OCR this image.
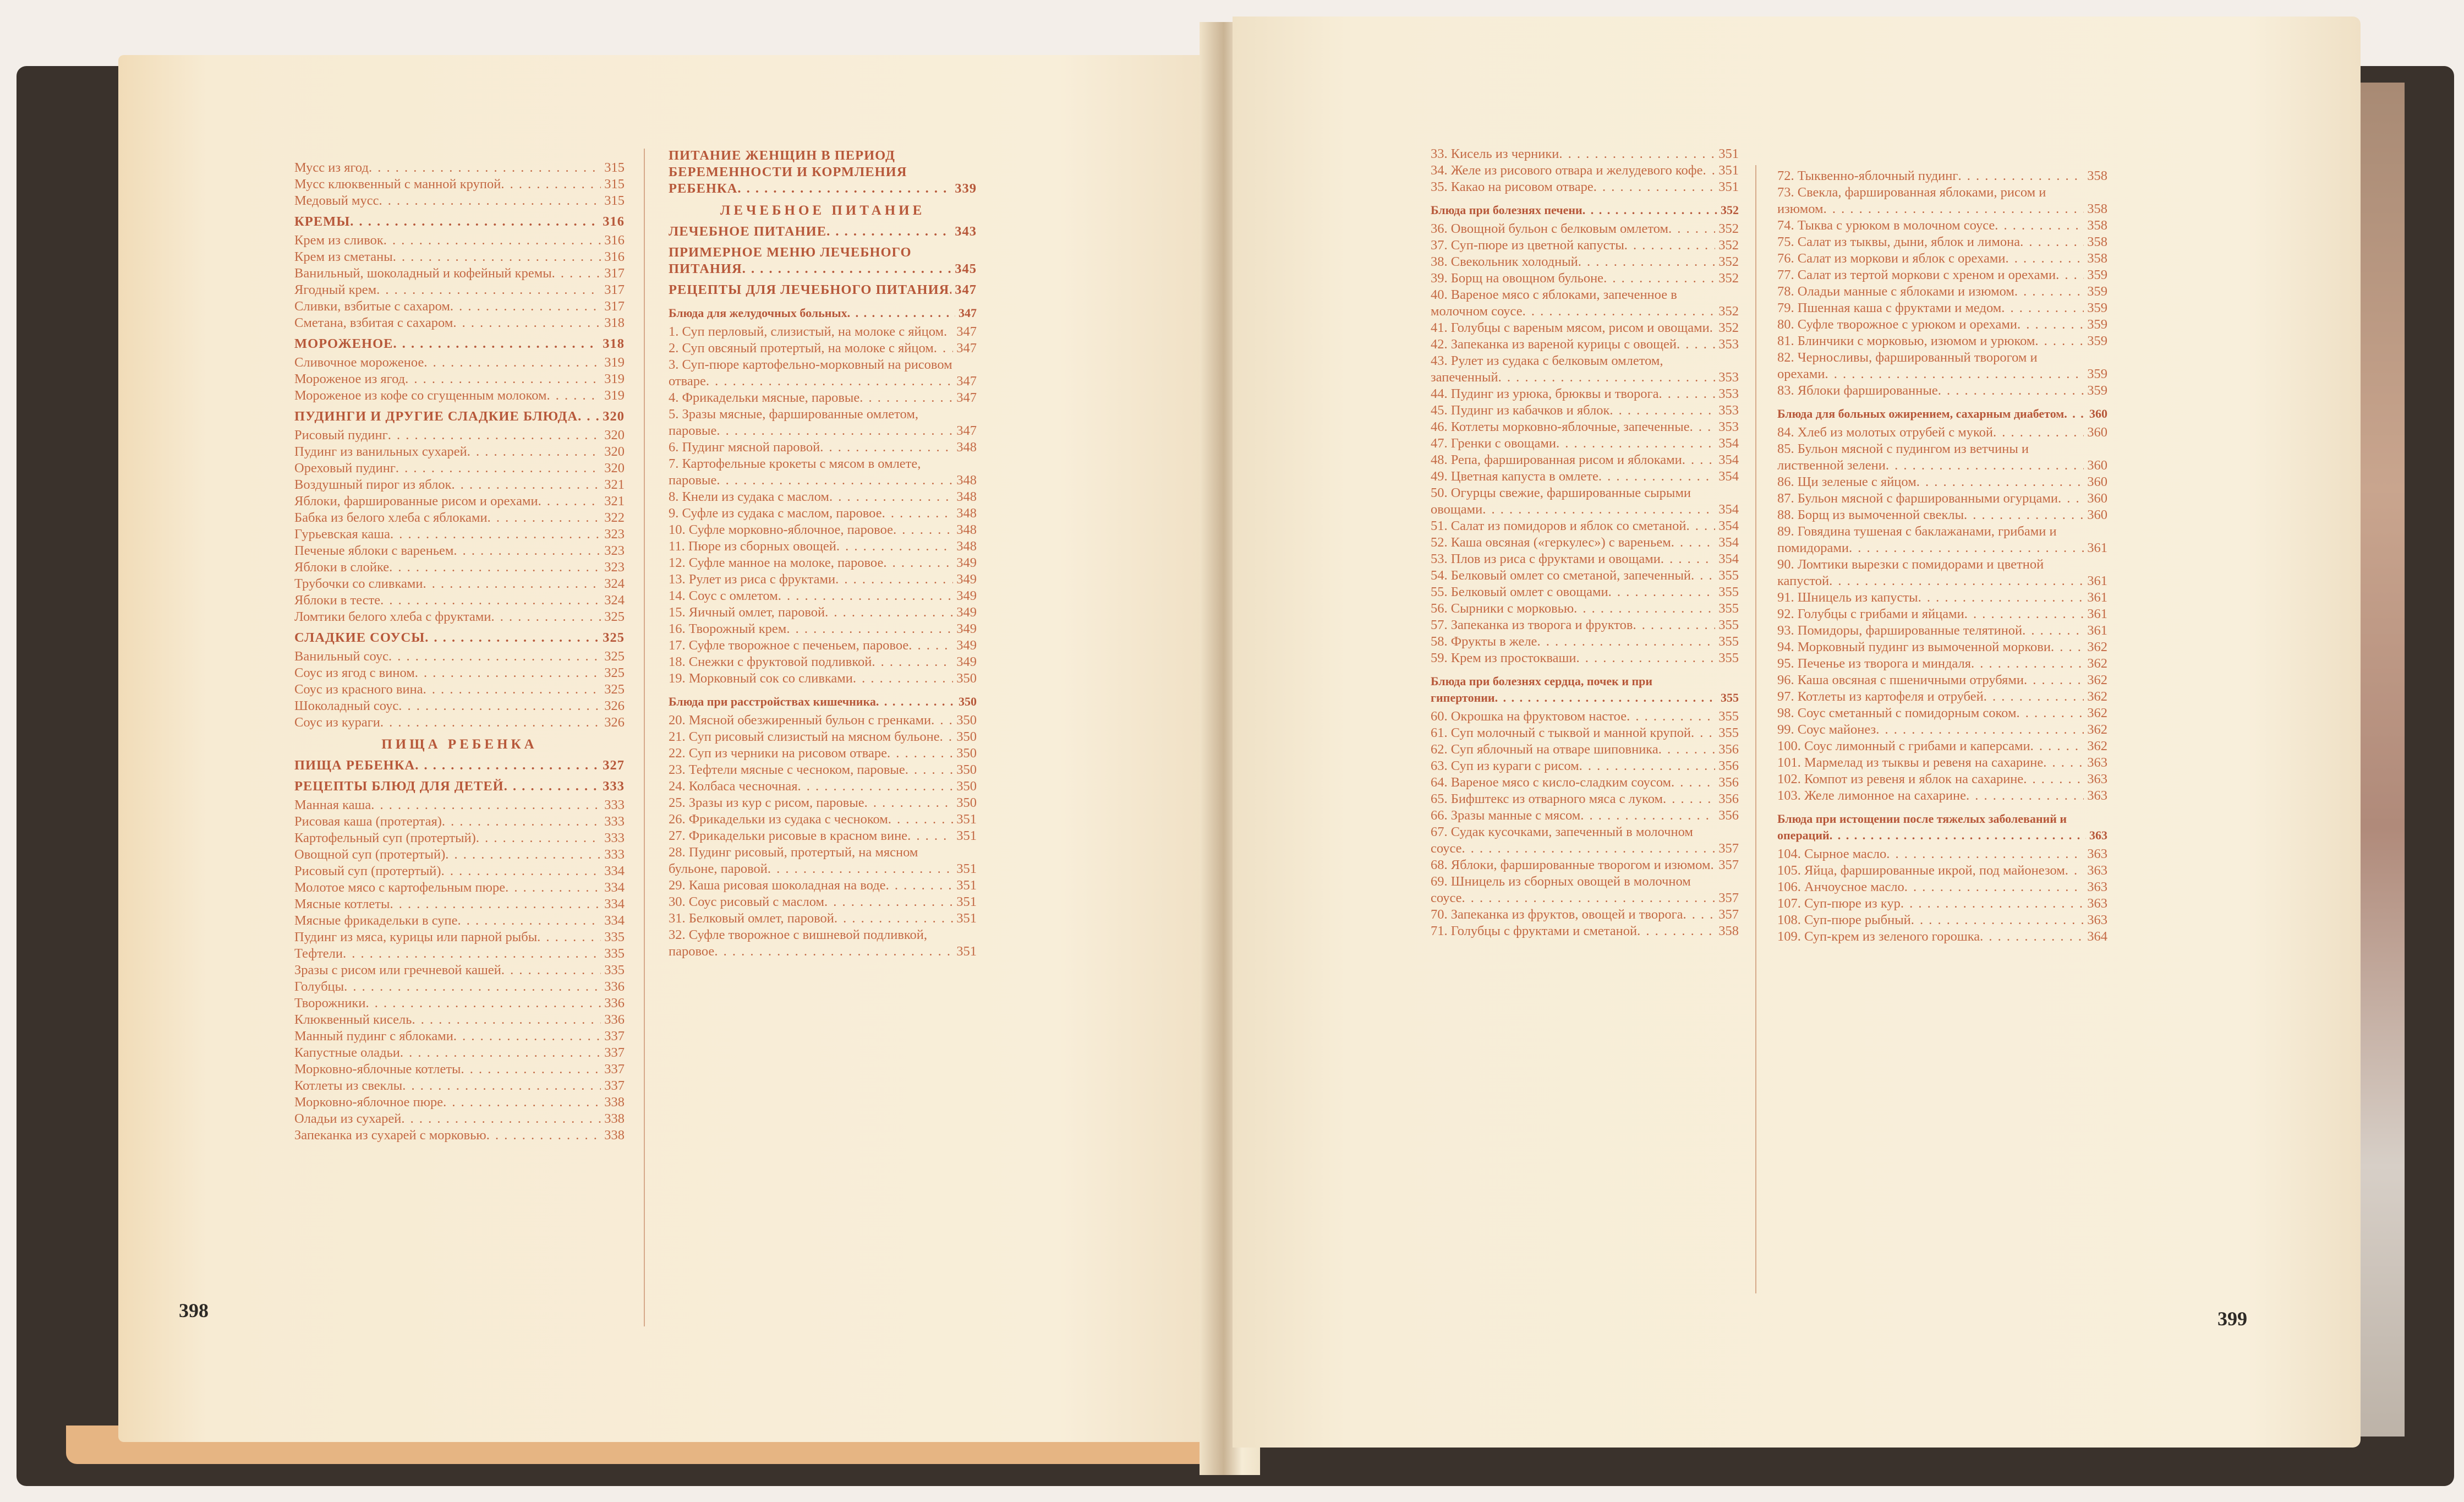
Мусс из ягод . . .	315
Мусс клюквенный с манной крупой . . .	315
Медовый мусс . . .	315
КРЕМЫ . . .	316
Крем из сливок . . .	316
Крем из сметаны . . .	316
Ванильный, шоколадный и кофейный кремы . . .	317
Ягодный крем . . .	317
Сливки, взбитые с сахаром . . .	317
Сметана, взбитая с сахаром . . .	318
МОРОЖЕНОЕ . . .	318
Сливочное мороженое . . .	319
Мороженое из ягод . . .	319
Мороженое из кофе со сгущенным молоком . . .	319
ПУДИНГИ И ДРУГИЕ СЛАДКИЕ БЛЮДА . . .	320
Рисовый пудинг . . .	320
Пудинг из ванильных сухарей . . .	320
Ореховый пудинг . . .	320
Воздушный пирог из яблок . . .	321
Яблоки, фаршированные рисом и орехами . . .	321
Бабка из белого хлеба с яблоками . . .	322
Гурьевская каша . . .	323
Печеные яблоки с вареньем . . .	323
Яблоки в слойке . . .	323
Трубочки со сливками . . .	324
Яблоки в тесте . . .	324
Ломтики белого хлеба с фруктами . . .	325
СЛАДКИЕ СОУСЫ . . .	325
Ванильный соус . . .	325
Соус из ягод с вином . . .	325
Соус из красного вина . . .	325
Шоколадный соус . . .	326
Соус из кураги . . .	326
ПИЩА РЕБЕНКА
ПИЩА РЕБЕНКА . . .	327
РЕЦЕПТЫ БЛЮД ДЛЯ ДЕТЕЙ . . .	333
Манная каша . . .	333
Рисовая каша (протертая) . . .	333
Картофельный суп (протертый) . . .	333
Овощной суп (протертый) . . .	333
Рисовый суп (протертый) . . .	334
Молотое мясо с картофельным пюре . . .	334
Мясные котлеты . . .	334
Мясные фрикадельки в супе . . .	334
Пудинг из мяса, курицы или парной рыбы . . .	335
Тефтели . . .	335
Зразы с рисом или гречневой кашей . . .	335
Голубцы . . .	336
Творожники . . .	336
Клюквенный кисель . . .	336
Манный пудинг с яблоками . . .	337
Капустные оладьи . . .	337
Морковно-яблочные котлеты . . .	337
Котлеты из свеклы . . .	337
Морковно-яблочное пюре . . .	338
Оладьи из сухарей . . .	338
Запеканка из сухарей с морковью . . .	338
ПИТАНИЕ ЖЕНЩИН В ПЕРИОД БЕРЕМЕННОСТИ И КОРМЛЕНИЯ РЕБЕНКА . . .	339
ЛЕЧЕБНОЕ ПИТАНИЕ
ЛЕЧЕБНОЕ ПИТАНИЕ . . .	343
ПРИМЕРНОЕ МЕНЮ ЛЕЧЕБНОГО ПИТАНИЯ . . .	345
РЕЦЕПТЫ ДЛЯ ЛЕЧЕБНОГО ПИТАНИЯ . . . 347
Блюда для желудочных больных . . .	347
1. Суп перловый, слизистый, на молоке с яйцом . . . 347
2. Суп овсяный протертый, на молоке с яйцом . . .	347
3. Суп-пюре картофельно-морковный на рисовом отваре . . .	347
4. Фрикадельки мясные, паровые . . .	347
5. Зразы мясные, фаршированные омлетом, паровые . . .	347
6. Пудинг мясной паровой . . .	348
7. Картофельные крокеты с мясом в омлете, паровые . . .	348
8. Кнели из судака с маслом . . .	348
9. Суфле из судака с маслом, паровое . . .	348
10. Суфле морковно-яблочное, паровое . . .	348
11. Пюре из сборных овощей . . .	348
12. Суфле манное на молоке, паровое . . .	349
13. Рулет из риса с фруктами . . .	349
14. Соус с омлетом . . .	349
15. Яичный омлет, паровой . . .	349
16. Творожный крем . . .	349
17. Суфле творожное с печеньем, паровое . . .	349
18. Снежки с фруктовой подливкой . . .	349
19. Морковный сок со сливками . . .	350
Блюда при расстройствах кишечника . . .	350
20. Мясной обезжиренный бульон с гренками . . .	350
21. Суп рисовый слизистый на мясном бульоне . . .	350
22. Суп из черники на рисовом отваре . . .	350
23. Тефтели мясные с чесноком, паровые . . .	350
24. Колбаса чесночная . . .	350
25. Зразы из кур с рисом, паровые . . .	350
26. Фрикадельки из судака с чесноком . . .	351
27. Фрикадельки рисовые в красном вине . . .	351
28. Пудинг рисовый, протертый, на мясном бульоне, паровой . . .	351
29. Каша рисовая шоколадная на воде . . .	351
30. Соус рисовый с маслом . . .	351
31. Белковый омлет, паровой . . .	351
32. Суфле творожное с вишневой подливкой, паровое . . .	351
398
33. Кисель из черники . . .	351
34. Желе из рисового отвара и желудевого кофе . . .	351
35. Какао на рисовом отваре . . .	351
Блюда при болезнях печени . . .	352
36. Овощной бульон с белковым омлетом . . .	352
37. Суп-пюре из цветной капусты . . .	352
38. Свекольник холодный . . .	352
39. Борщ на овощном бульоне . . .	352
40. Вареное мясо с яблоками, запеченное в молочном соусе . . .	352
41. Голубцы с вареным мясом, рисом и овощами . . . 352
42. Запеканка из вареной курицы с овощей . . .	353
43. Рулет из судака с белковым омлетом, запеченный . . .	353
44. Пудинг из урюка, брюквы и творога . . .	353
45. Пудинг из кабачков и яблок . . .	353
46. Котлеты морковно-яблочные, запеченные . . .	353
47. Гренки с овощами . . .	354
48. Репа, фаршированная рисом и яблоками . . .	354
49. Цветная капуста в омлете . . .	354
50. Огурцы свежие, фаршированные сырыми овощами . . .	354
51. Салат из помидоров и яблок со сметаной . . .	354
52. Каша овсяная («геркулес») с вареньем . . .	354
53. Плов из риса с фруктами и овощами . . .	354
54. Белковый омлет со сметаной, запеченный . . .	355
55. Белковый омлет с овощами . . .	355
56. Сырники с морковью . . .	355
57. Запеканка из творога и фруктов . . .	355
58. Фрукты в желе . . .	355
59. Крем из простокваши . . .	355
Блюда при болезнях сердца, почек и при гипертонии . . .	355
60. Окрошка на фруктовом настое . . .	355
61. Суп молочный с тыквой и манной крупой . . .	355
62. Суп яблочный на отваре шиповника . . .	356
63. Суп из кураги с рисом . . .	356
64. Вареное мясо с кисло-сладким соусом . . .	356
65. Бифштекс из отварного мяса с луком . . .	356
66. Зразы манные с мясом . . .	356
67. Судак кусочками, запеченный в молочном соусе . . .	357
68. Яблоки, фаршированные творогом и изюмом . . . 357
69. Шницель из сборных овощей в молочном соусе . . .	357
70. Запеканка из фруктов, овощей и творога . . .	357
71. Голубцы с фруктами и сметаной . . .	358
72. Тыквенно-яблочный пудинг . . .	358
73. Свекла, фаршированная яблоками, рисом и изюмом . . .	358
74. Тыква с урюком в молочном соусе . . .	358
75. Салат из тыквы, дыни, яблок и лимона . . .	358
76. Салат из моркови и яблок с орехами . . .	358
77. Салат из тертой моркови с хреном и орехами . . .	359
78. Оладьи манные с яблоками и изюмом . . .	359
79. Пшенная каша с фруктами и медом . . .	359
80. Суфле творожное с урюком и орехами . . .	359
81. Блинчики с морковью, изюмом и урюком . . .	359
82. Черносливы, фаршированный творогом и орехами . . .	359
83. Яблоки фаршированные . . .	359
Блюда для больных ожирением, сахарным диабетом . . .	360
84. Хлеб из молотых отрубей с мукой . . .	360
85. Бульон мясной с пудингом из ветчины и лиственной зелени . . .	360
86. Щи зеленые с яйцом . . .	360
87. Бульон мясной с фаршированными огурцами . . .	360
88. Борщ из вымоченной свеклы . . .	360
89. Говядина тушеная с баклажанами, грибами и помидорами . . .	361
90. Ломтики вырезки с помидорами и цветной капустой . . .	361
91. Шницель из капусты . . .	361
92. Голубцы с грибами и яйцами . . .	361
93. Помидоры, фаршированные телятиной . . .	361
94. Морковный пудинг из вымоченной моркови . . .	362
95. Печенье из творога и миндаля . . .	362
96. Каша овсяная с пшеничными отрубями . . .	362
97. Котлеты из картофеля и отрубей . . .	362
98. Соус сметанный с помидорным соком . . .	362
99. Соус майонез . . .	362
100. Соус лимонный с грибами и каперсами . . .	362
101. Мармелад из тыквы и ревеня на сахарине . . .	363
102. Компот из ревеня и яблок на сахарине . . .	363
103. Желе лимонное на сахарине . . .	363
Блюда при истощении после тяжелых заболеваний и операций . . .	363
104. Сырное масло . . .	363
105. Яйца, фаршированные икрой, под майонезом . . .	363
106. Анчоусное масло . . .	363
107. Суп-пюре из кур . . .	363
108. Суп-пюре рыбный . . .	363
109. Суп-крем из зеленого горошка . . .	364
399
